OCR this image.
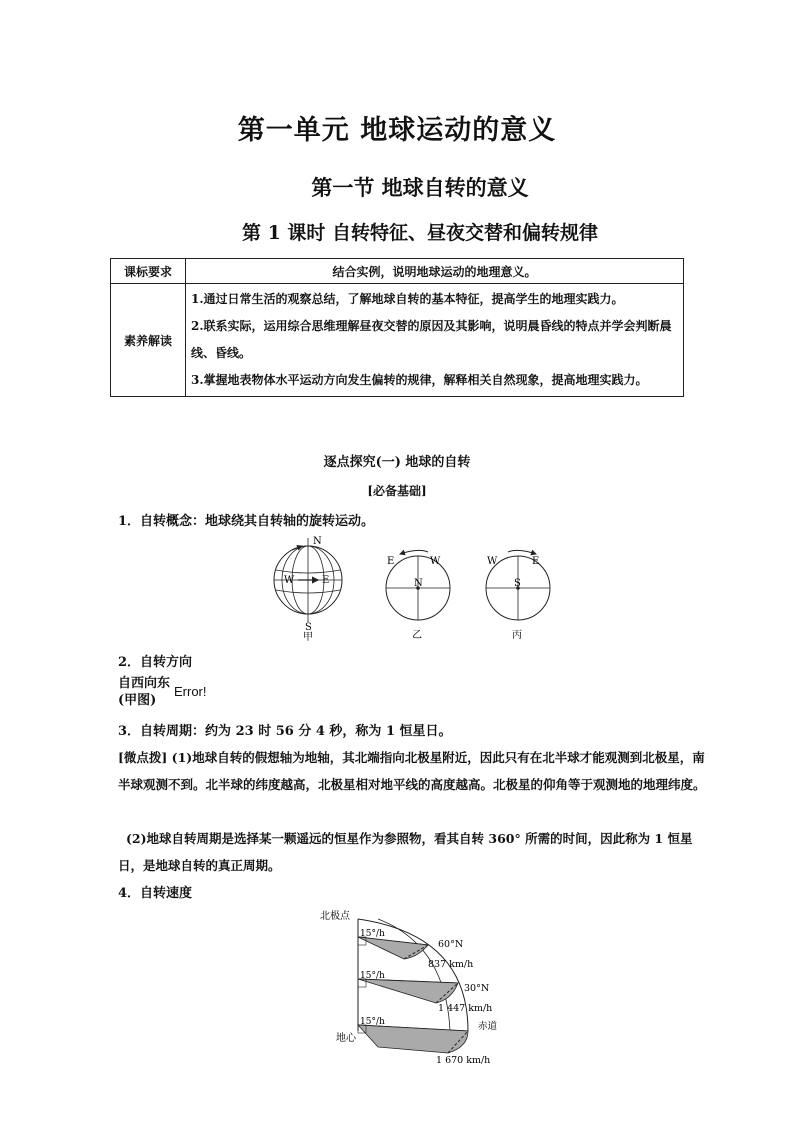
第一单元 地球运动的意义
第一节 地球自转的意义
第 1 课时 自转特征、昼夜交替和偏转规律
课标要求	结合实例，说明地球运动的地理意义。
素养解读	1.通过日常生活的观察总结，了解地球自转的基本特征，提高学生的地理实践力。
2.联系实际，运用综合思维理解昼夜交替的原因及其影响，说明晨昏线的特点并学会判断晨线、昏线。
3.掌握地表物体水平运动方向发生偏转的规律，解释相关自然现象，提高地理实践力。
逐点探究(一) 地球的自转
[必备基础]
1．自转概念：地球绕其自转轴的旋转运动。
N
S
W	E
甲
E	W
N
乙
W	E
S
丙
2．自转方向
自西向东
(甲图)
Error!
3．自转周期：约为 23 时 56 分 4 秒，称为 1 恒星日。
[微点拨] (1)地球自转的假想轴为地轴，其北端指向北极星附近，因此只有在北半球才能观测到北极星，南半球观测不到。北半球的纬度越高，北极星相对地平线的高度越高。北极星的仰角等于观测地的地理纬度。
(2)地球自转周期是选择某一颗遥远的恒星作为参照物，看其自转 360° 所需的时间，因此称为 1 恒星日，是地球自转的真正周期。
4．自转速度
北极点
地心
15°/h
15°/h
15°/h
60°N
837 km/h
30°N
1 447 km/h
赤道
1 670 km/h
